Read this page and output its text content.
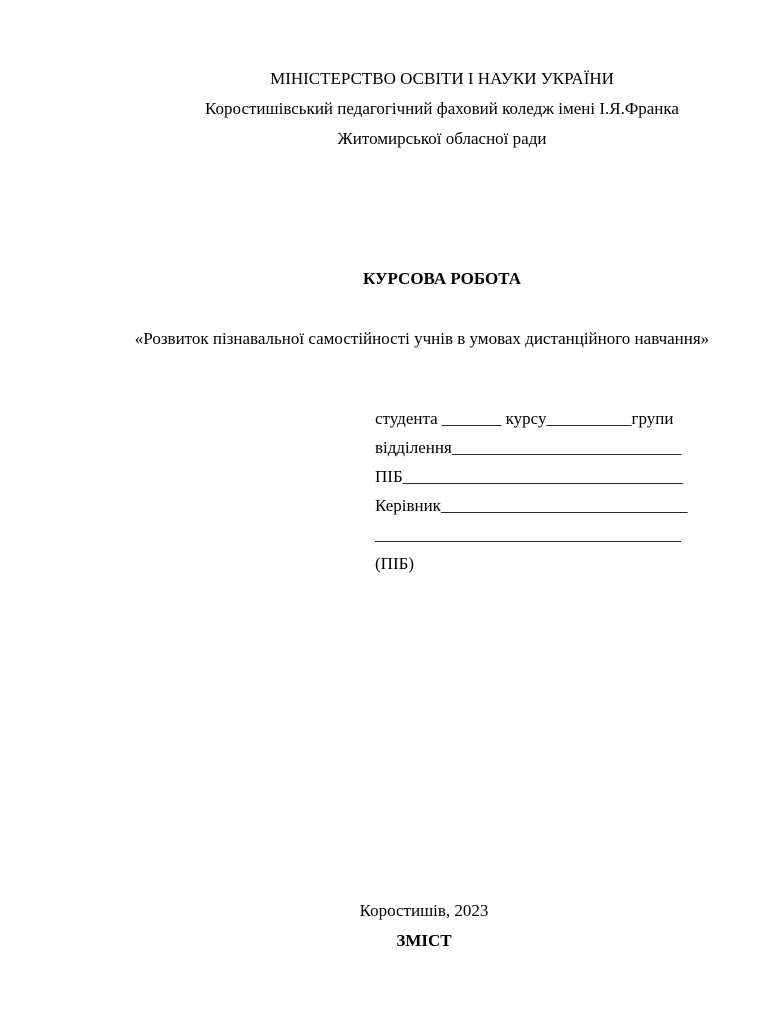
МІНІСТЕРСТВО ОСВІТИ І НАУКИ УКРАЇНИ
Коростишівський педагогічний фаховий коледж імені І.Я.Франка
Житомирської обласної ради
КУРСОВА РОБОТА
«Розвиток пізнавальної самостійності учнів в умовах дистанційного навчання»
студента _______ курсу__________групи
відділення___________________________
ПІБ_________________________________
Керівник_____________________________
____________________________________
(ПІБ)
Коростишів, 2023
ЗМІСТ
